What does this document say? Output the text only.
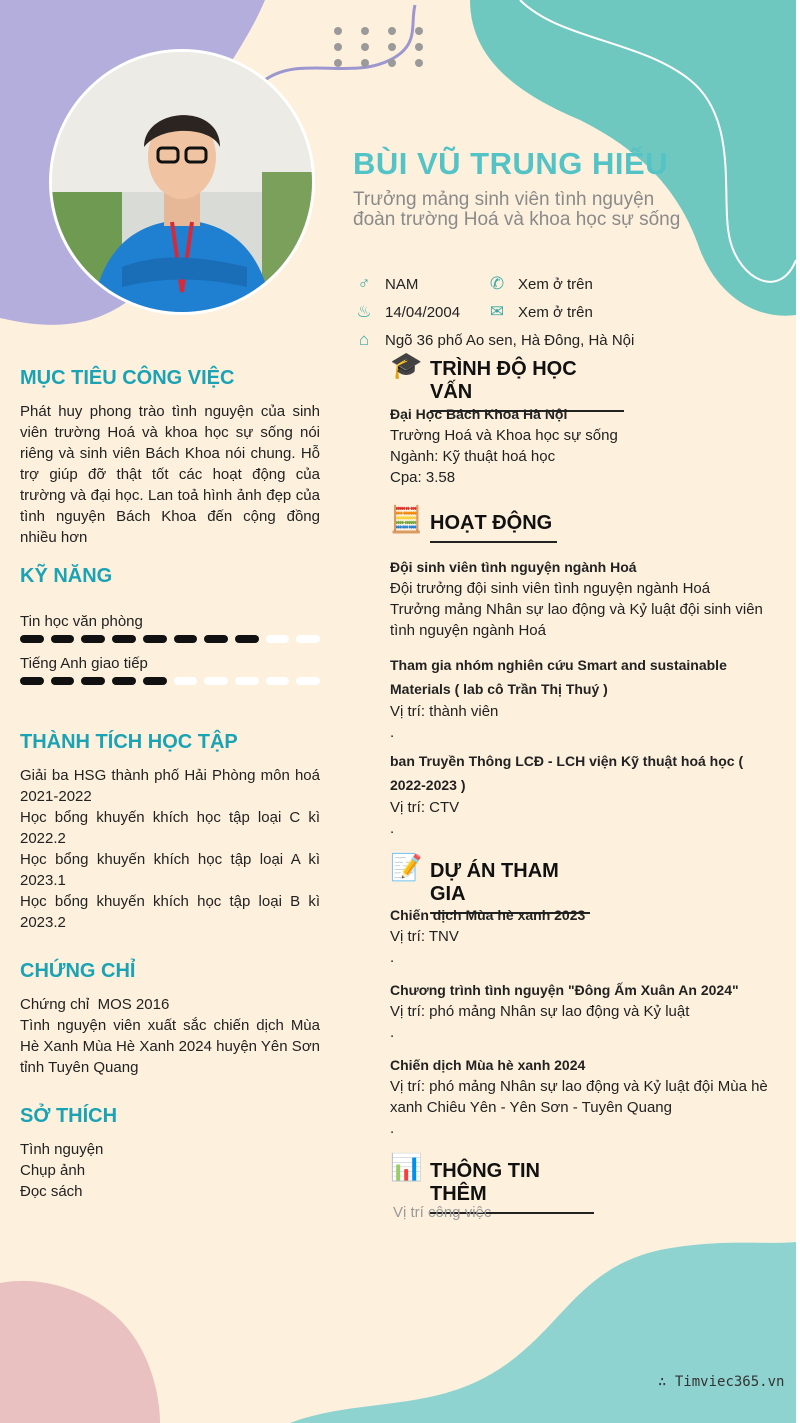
BÙI VŨ TRUNG HIẾU
Trưởng mảng sinh viên tình nguyện đoàn trường Hoá và khoa học sự sống
♂ NAM	✆ Xem ở trên
♨ 14/04/2004 ✉ Xem ở trên
⌂	Ngõ 36 phố Ao sen, Hà Đông, Hà Nội
MỤC TIÊU CÔNG VIỆC
Phát huy phong trào tình nguyện của sinh viên trường Hoá và khoa học sự sống nói riêng và sinh viên Bách Khoa nói chung. Hỗ trợ giúp đỡ thật tốt các hoạt động của trường và đại học. Lan toả hình ảnh đẹp của tình nguyện Bách Khoa đến cộng đồng nhiều hơn
KỸ NĂNG
Tin học văn phòng
Tiếng Anh giao tiếp
THÀNH TÍCH HỌC TẬP
Giải ba HSG thành phố Hải Phòng môn hoá 2021-2022
Học bổng khuyến khích học tập loại C kì 2022.2
Học bổng khuyến khích học tập loại A kì 2023.1
Học bổng khuyến khích học tập loại B kì 2023.2
CHỨNG CHỈ
Chứng chỉ  MOS 2016
Tình nguyện viên xuất sắc chiến dịch Mùa Hè Xanh Mùa Hè Xanh 2024 huyện Yên Sơn tỉnh Tuyên Quang
SỞ THÍCH
Tình nguyện
Chụp ảnh
Đọc sách
🎓 TRÌNH ĐỘ HỌC VẤN
Đại Học Bách Khoa Hà Nội
Trường Hoá và Khoa học sự sống
Ngành: Kỹ thuật hoá học
Cpa: 3.58
🧮 HOẠT ĐỘNG
Đội sinh viên tình nguyện ngành Hoá
Đội trưởng đội sinh viên tình nguyện ngành Hoá
Trưởng mảng Nhân sự lao động và Kỷ luật đội sinh viên tình nguyện ngành Hoá
Tham gia nhóm nghiên cứu Smart and sustainable Materials ( lab cô Trần Thị Thuý )
Vị trí: thành viên
.
ban Truyền Thông LCĐ - LCH viện Kỹ thuật hoá học ( 2022-2023 )
Vị trí: CTV
.
📝 DỰ ÁN THAM GIA
Chiến dịch Mùa hè xanh 2023
Vị trí: TNV
.
Chương trình tình nguyện "Đông Ấm Xuân An 2024"
Vị trí: phó mảng Nhân sự lao động và Kỷ luật
.
Chiến dịch Mùa hè xanh 2024
Vị trí: phó mảng Nhân sự lao động và Kỷ luật đội Mùa hè xanh Chiêu Yên - Yên Sơn - Tuyên Quang
.
📊 THÔNG TIN THÊM
Vị trí công việc
∴ Timviec365.vn
